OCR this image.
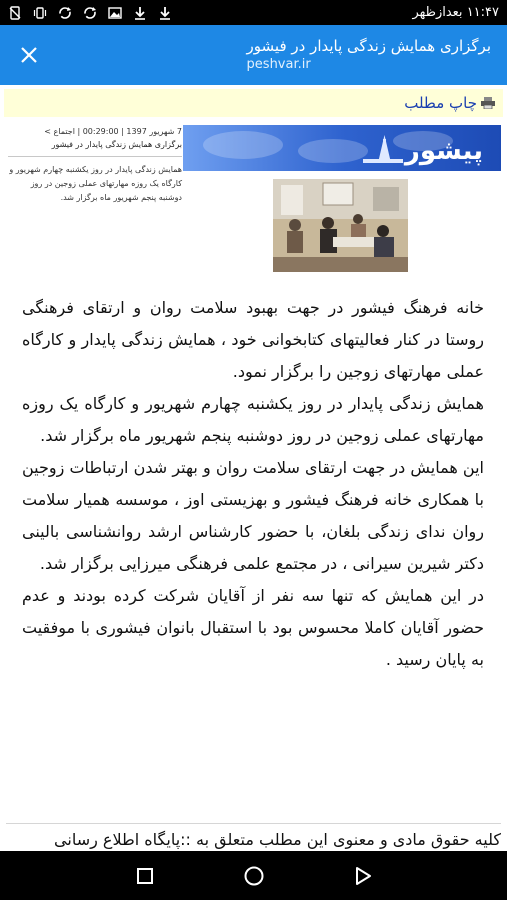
۱۱:۴۷ بعدازظهر
برگزاری همایش زندگی پایدار در فیشور
peshvar.ir
چاپ مطلب
7 شهریور 1397 | 00:29:00 | اجتماع >
برگزاری همایش زندگی پایدار در فیشور
همایش زندگی پایدار در روز یکشنبه چهارم شهریور و کارگاه یک روزه مهارتهای عملی زوجین در روز دوشنبه پنجم شهریور ماه برگزار شد.
پیشور

خانه فرهنگ فیشور در جهت بهبود سلامت روان و ارتقای فرهنگی روستا در کنار فعالیتهای کتابخوانی خود ، همایش زندگی پایدار و کارگاه عملی مهارتهای زوجین را برگزار نمود.

همایش زندگی پایدار در روز یکشنبه چهارم شهریور و کارگاه یک روزه مهارتهای عملی زوجین در روز دوشنبه پنجم شهریور ماه برگزار شد.

این همایش در جهت ارتقای سلامت روان و بهتر شدن ارتباطات زوجین با همکاری خانه فرهنگ فیشور و بهزیستی اوز ، موسسه همیار سلامت روان ندای زندگی بلغان، با حضور کارشناس ارشد روانشناسی بالینی دکتر شیرین سیرانی ، در مجتمع علمی فرهنگی میرزایی برگزار شد.

در این همایش که تنها سه نفر از آقایان شرکت کرده بودند و عدم حضور آقایان کاملا محسوس بود با استقبال بانوان فیشوری با موفقیت به پایان رسید .

کلیه حقوق مادی و معنوی این مطلب متعلق به ::پایگاه اطلاع رسانی
